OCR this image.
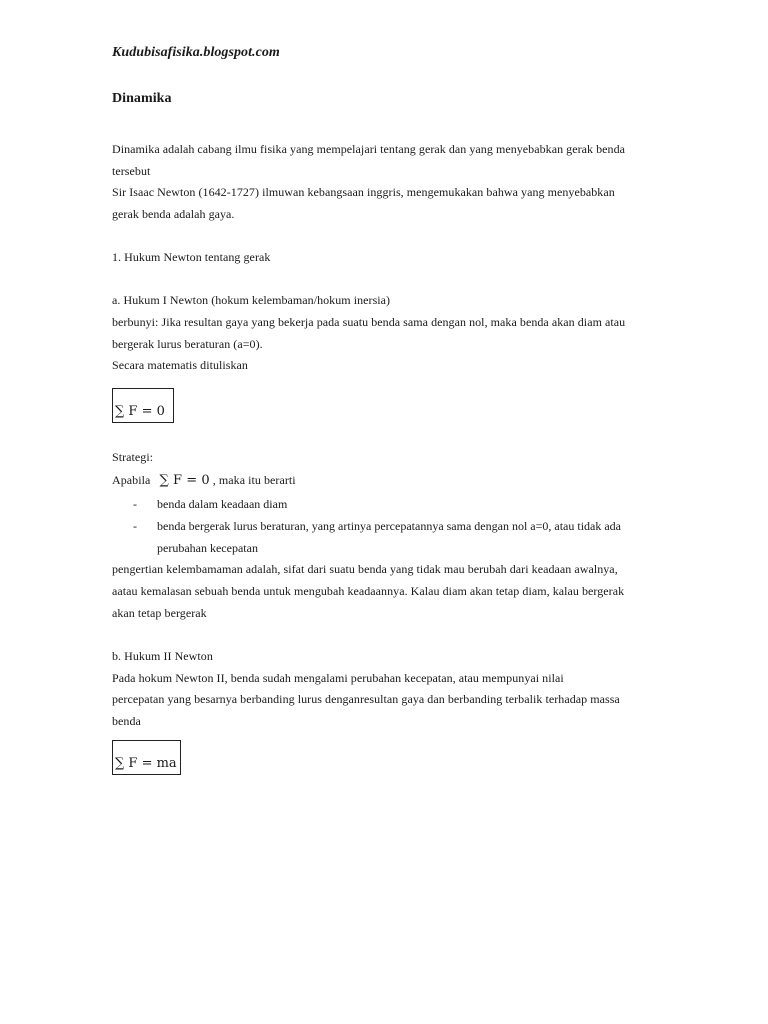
Kudubisafisika.blogspot.com
Dinamika
Dinamika adalah cabang ilmu fisika yang mempelajari tentang gerak dan yang menyebabkan gerak benda
tersebut
Sir Isaac Newton (1642-1727) ilmuwan kebangsaan inggris, mengemukakan bahwa yang menyebabkan
gerak benda adalah gaya.
1. Hukum Newton tentang gerak
a. Hukum I Newton (hokum kelembaman/hokum inersia)
berbunyi: Jika resultan gaya yang bekerja pada suatu benda sama dengan nol, maka benda akan diam atau
bergerak lurus beraturan (a=0).
Secara matematis dituliskan
∑ F = 0
Strategi:
Apabila ∑ F = 0 , maka itu berarti
- benda dalam keadaan diam
- benda bergerak lurus beraturan, yang artinya percepatannya sama dengan nol a=0, atau tidak ada
perubahan kecepatan
pengertian kelembamaman adalah, sifat dari suatu benda yang tidak mau berubah dari keadaan awalnya,
aatau kemalasan sebuah benda untuk mengubah keadaannya. Kalau diam akan tetap diam, kalau bergerak
akan tetap bergerak
b. Hukum II Newton
Pada hokum Newton II, benda sudah mengalami perubahan kecepatan, atau mempunyai nilai
percepatan yang besarnya berbanding lurus denganresultan gaya dan berbanding terbalik terhadap massa
benda
∑ F = ma
